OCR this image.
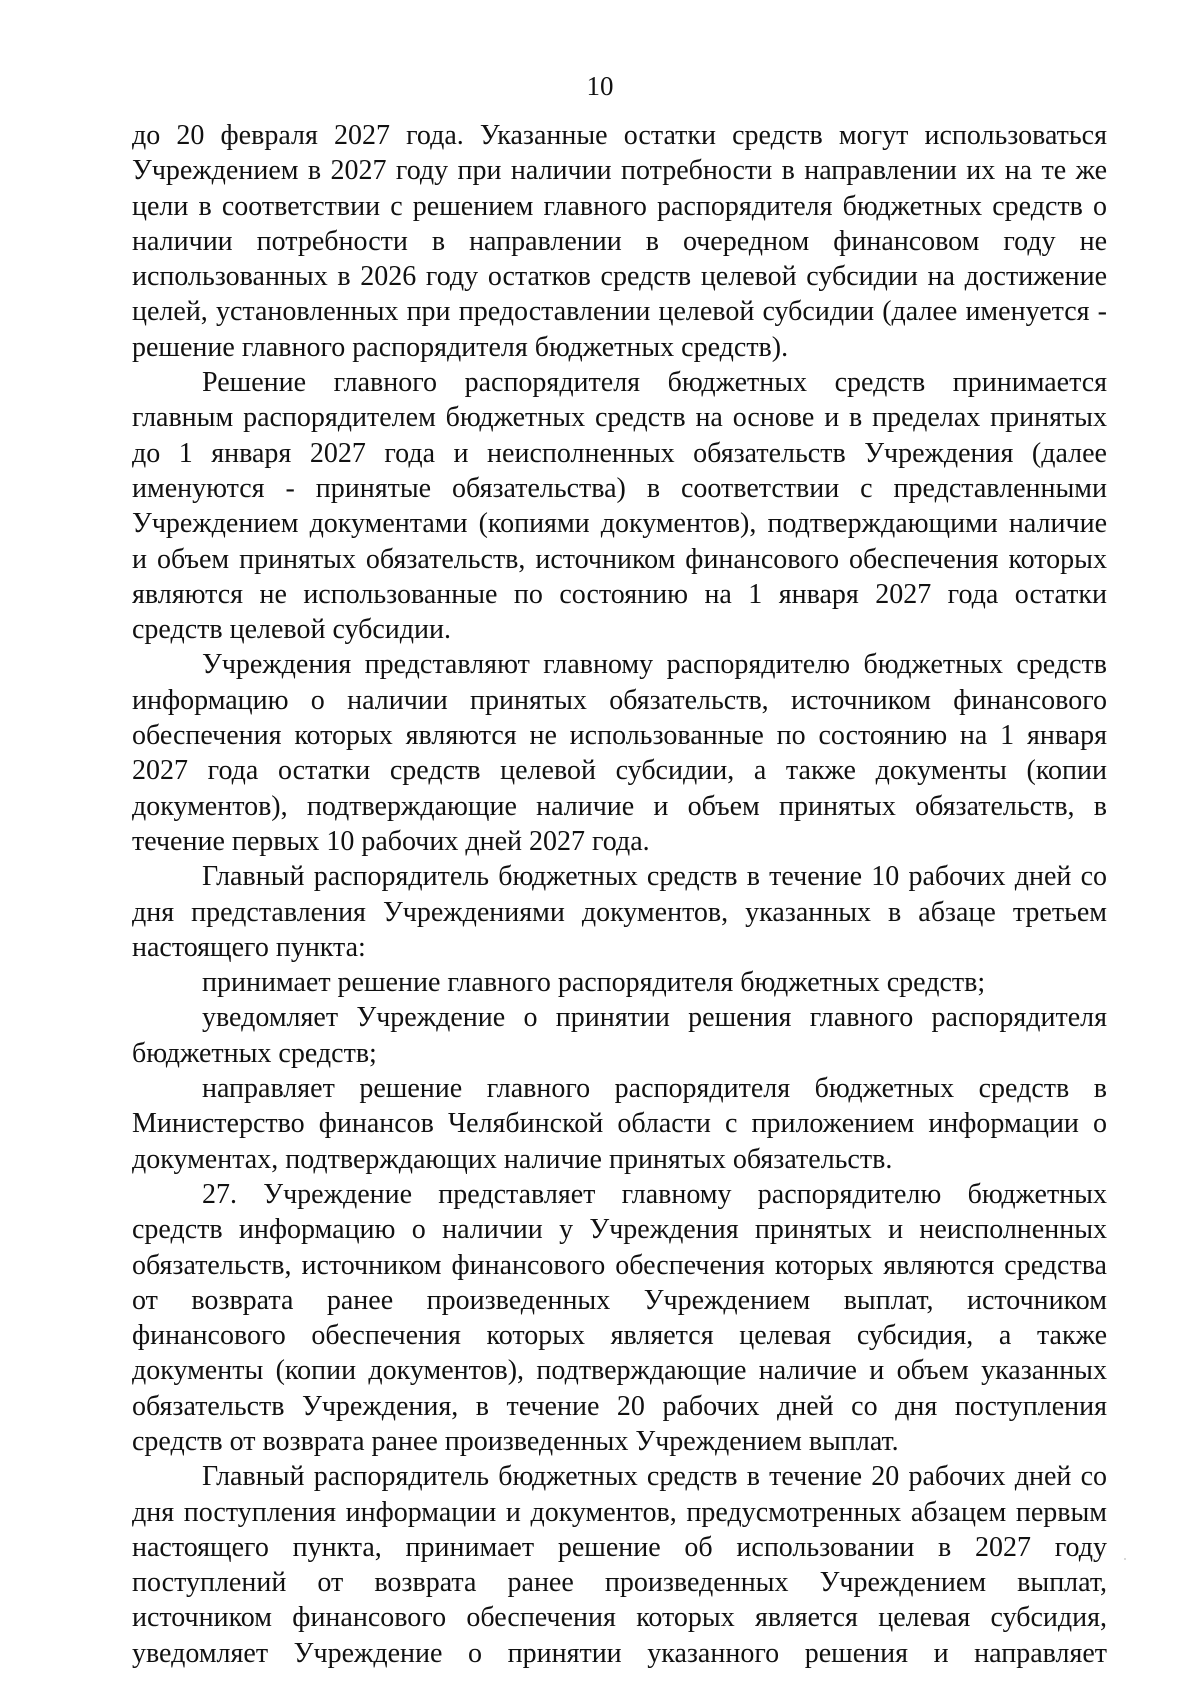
10

до 20 февраля 2027 года. Указанные остатки средств могут использоваться Учреждением в 2027 году при наличии потребности в направлении их на те же цели в соответствии с решением главного распорядителя бюджетных средств о наличии потребности в направлении в очередном финансовом году не использованных в 2026 году остатков средств целевой субсидии на достижение целей, установленных при предоставлении целевой субсидии (далее именуется - решение главного распорядителя бюджетных средств).

Решение главного распорядителя бюджетных средств принимается главным распорядителем бюджетных средств на основе и в пределах принятых до 1 января 2027 года и неисполненных обязательств Учреждения (далее именуются - принятые обязательства) в соответствии с представленными Учреждением документами (копиями документов), подтверждающими наличие и объем принятых обязательств, источником финансового обеспечения которых являются не использованные по состоянию на 1 января 2027 года остатки средств целевой субсидии.

Учреждения представляют главному распорядителю бюджетных средств информацию о наличии принятых обязательств, источником финансового обеспечения которых являются не использованные по состоянию на 1 января 2027 года остатки средств целевой субсидии, а также документы (копии документов), подтверждающие наличие и объем принятых обязательств, в течение первых 10 рабочих дней 2027 года.

Главный распорядитель бюджетных средств в течение 10 рабочих дней со дня представления Учреждениями документов, указанных в абзаце третьем настоящего пункта:

принимает решение главного распорядителя бюджетных средств;

уведомляет Учреждение о принятии решения главного распорядителя бюджетных средств;

направляет решение главного распорядителя бюджетных средств в Министерство финансов Челябинской области с приложением информации о документах, подтверждающих наличие принятых обязательств.

27. Учреждение представляет главному распорядителю бюджетных средств информацию о наличии у Учреждения принятых и неисполненных обязательств, источником финансового обеспечения которых являются средства от возврата ранее произведенных Учреждением выплат, источником финансового обеспечения которых является целевая субсидия, а также документы (копии документов), подтверждающие наличие и объем указанных обязательств Учреждения, в течение 20 рабочих дней со дня поступления средств от возврата ранее произведенных Учреждением выплат.

Главный распорядитель бюджетных средств в течение 20 рабочих дней со дня поступления информации и документов, предусмотренных абзацем первым настоящего пункта, принимает решение об использовании в 2027 году поступлений от возврата ранее произведенных Учреждением выплат, источником финансового обеспечения которых является целевая субсидия, уведомляет Учреждение о принятии указанного решения и направляет
